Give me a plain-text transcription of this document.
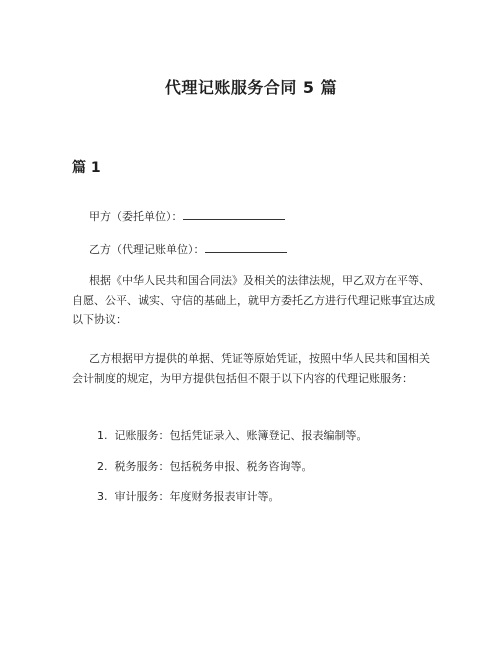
代理记账服务合同 5 篇
篇 1
甲方（委托单位）：
乙方（代理记账单位）：

根据《中华人民共和国合同法》及相关的法律法规，甲乙双方在平等、自愿、公平、诚实、守信的基础上，就甲方委托乙方进行代理记账事宜达成以下协议：

乙方根据甲方提供的单据、凭证等原始凭证，按照中华人民共和国相关会计制度的规定，为甲方提供包括但不限于以下内容的代理记账服务：

1. 记账服务：包括凭证录入、账簿登记、报表编制等。
2. 税务服务：包括税务申报、税务咨询等。
3. 审计服务：年度财务报表审计等。
